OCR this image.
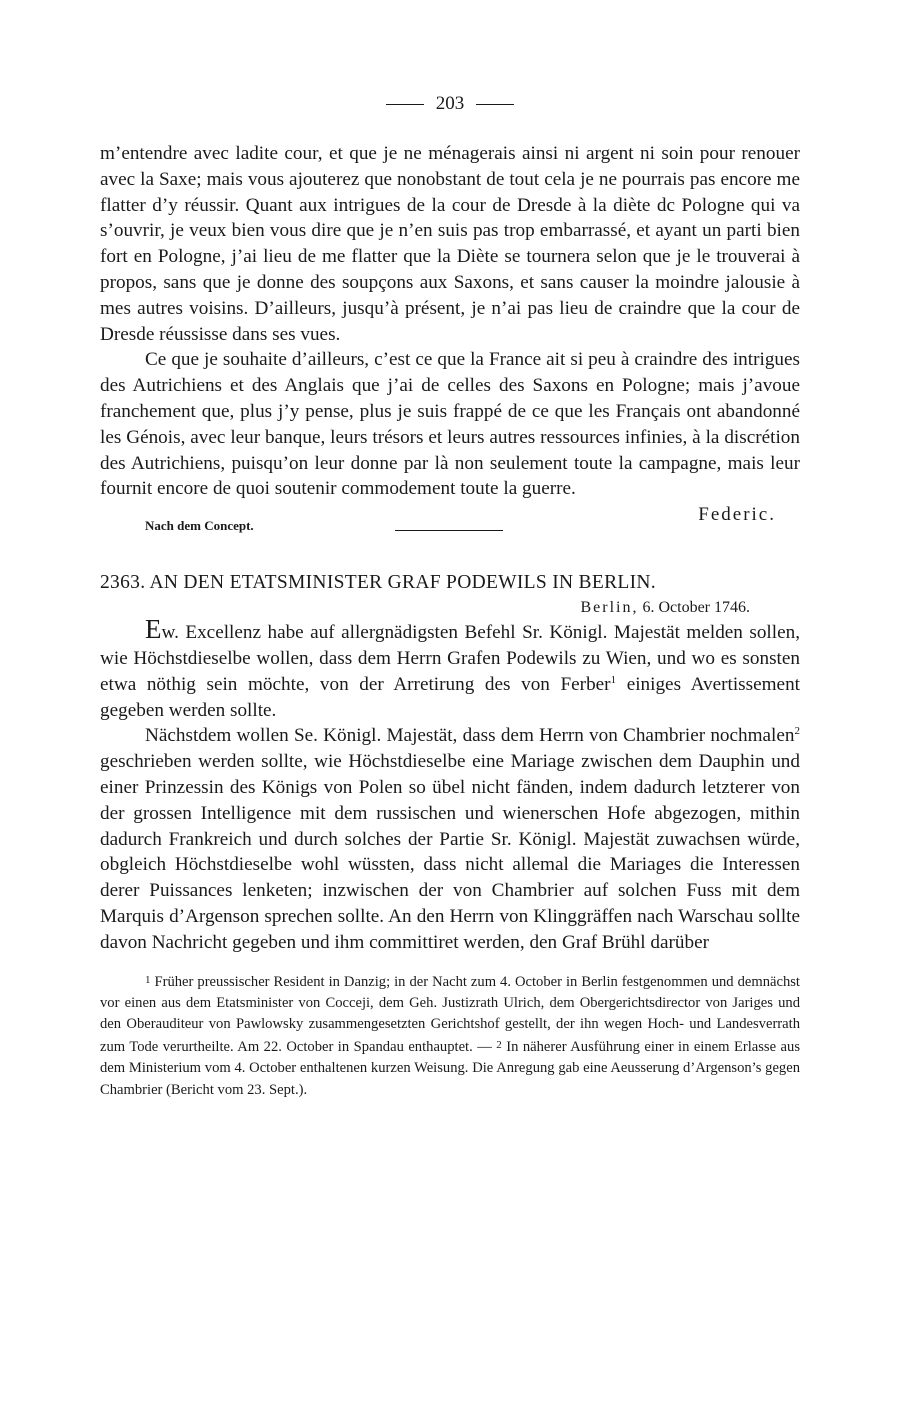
203

m’entendre avec ladite cour, et que je ne ménagerais ainsi ni argent ni soin pour renouer avec la Saxe; mais vous ajouterez que nonobstant de tout cela je ne pourrais pas encore me flatter d’y réussir. Quant aux intrigues de la cour de Dresde à la diète dc Pologne qui va s’ouvrir, je veux bien vous dire que je n’en suis pas trop embarrassé, et ayant un parti bien fort en Pologne, j’ai lieu de me flatter que la Diète se tournera selon que je le trouverai à propos, sans que je donne des soupçons aux Saxons, et sans causer la moindre jalousie à mes autres voisins. D’ailleurs, jusqu’à présent, je n’ai pas lieu de craindre que la cour de Dresde réussisse dans ses vues.

Ce que je souhaite d’ailleurs, c’est ce que la France ait si peu à craindre des intrigues des Autrichiens et des Anglais que j’ai de celles des Saxons en Pologne; mais j’avoue franchement que, plus j’y pense, plus je suis frappé de ce que les Français ont abandonné les Génois, avec leur banque, leurs trésors et leurs autres ressources infinies, à la discrétion des Autrichiens, puisqu’on leur donne par là non seulement toute la campagne, mais leur fournit encore de quoi soutenir commodement toute la guerre.

Nach dem Concept.
Federic.
2363. AN DEN ETATSMINISTER GRAF PODEWILS IN BERLIN.
Berlin, 6. October 1746.

Ew. Excellenz habe auf allergnädigsten Befehl Sr. Königl. Majestät melden sollen, wie Höchstdieselbe wollen, dass dem Herrn Grafen Podewils zu Wien, und wo es sonsten etwa nöthig sein möchte, von der Arretirung des von Ferber$^1$ einiges Avertissement gegeben werden sollte.

Nächstdem wollen Se. Königl. Majestät, dass dem Herrn von Chambrier nochmalen$^2$ geschrieben werden sollte, wie Höchstdieselbe eine Mariage zwischen dem Dauphin und einer Prinzessin des Königs von Polen so übel nicht fänden, indem dadurch letzterer von der grossen Intelligence mit dem russischen und wienerschen Hofe abgezogen, mithin dadurch Frankreich und durch solches der Partie Sr. Königl. Majestät zuwachsen würde, obgleich Höchstdieselbe wohl wüssten, dass nicht allemal die Mariages die Interessen derer Puissances lenketen; inzwischen der von Chambrier auf solchen Fuss mit dem Marquis d’Argenson sprechen sollte. An den Herrn von Klinggräffen nach Warschau sollte davon Nachricht gegeben und ihm committiret werden, den Graf Brühl darüber

$^1$ Früher preussischer Resident in Danzig; in der Nacht zum 4. October in Berlin festgenommen und demnächst vor einen aus dem Etatsminister von Cocceji, dem Geh. Justizrath Ulrich, dem Obergerichtsdirector von Jariges und den Oberauditeur von Pawlowsky zusammengesetzten Gerichtshof gestellt, der ihn wegen Hoch- und Landesverrath zum Tode verurtheilte. Am 22. October in Spandau enthauptet. — $^2$ In näherer Ausführung einer in einem Erlasse aus dem Ministerium vom 4. October enthaltenen kurzen Weisung. Die Anregung gab eine Aeusserung d’Argenson’s gegen Chambrier (Bericht vom 23. Sept.).
